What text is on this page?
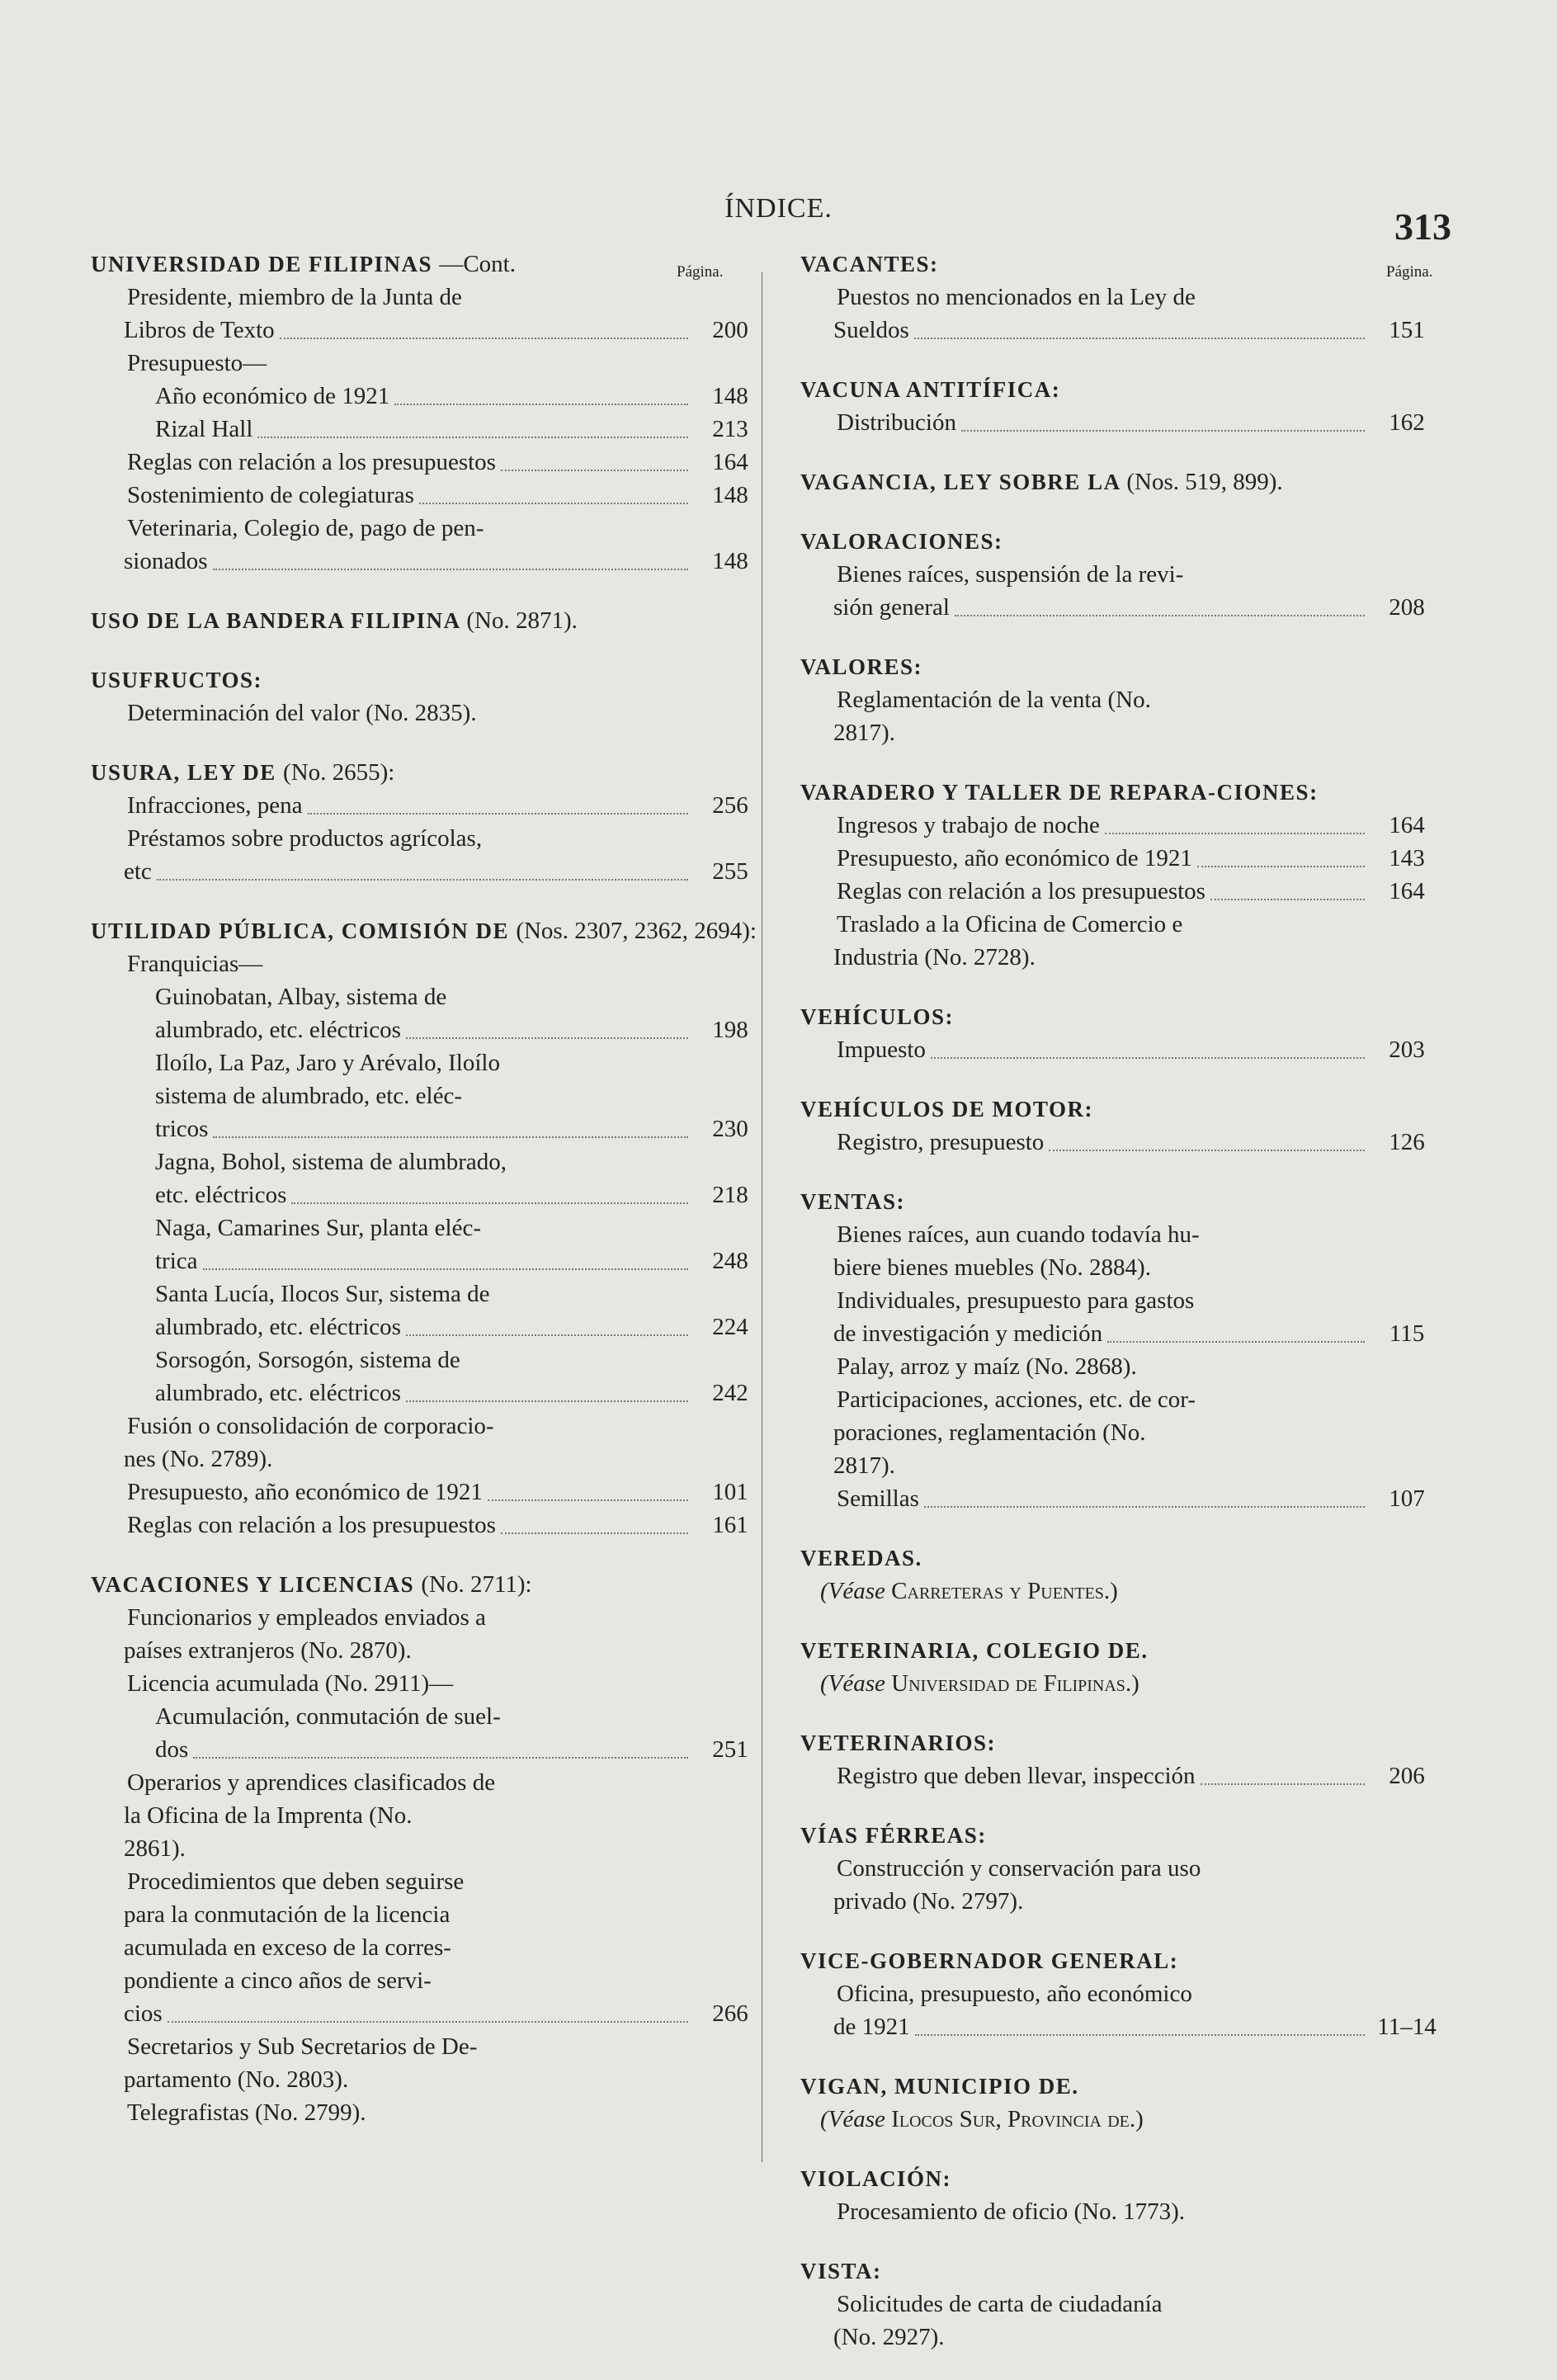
ÍNDICE.	313
Página.
UNIVERSIDAD DE FILIPINAS —Cont.
Presidente, miembro de la Junta de
Libros de Texto	200
Presupuesto—
Año económico de 1921	148
Rizal Hall	213
Reglas con relación a los presupuestos	164
Sostenimiento de colegiaturas	148
Veterinaria, Colegio de, pago de pen-
sionados	148
USO DE LA BANDERA FILIPINA (No. 2871).
USUFRUCTOS:
Determinación del valor (No. 2835).
USURA, LEY DE (No. 2655):
Infracciones, pena	256
Préstamos sobre productos agrícolas,
etc	255
UTILIDAD PÚBLICA, COMISIÓN DE (Nos. 2307, 2362, 2694):
Franquicias—
Guinobatan, Albay, sistema de
alumbrado, etc. eléctricos	198
Iloílo, La Paz, Jaro y Arévalo, Iloílo
sistema de alumbrado, etc. eléc-
tricos	230
Jagna, Bohol, sistema de alumbrado,
etc. eléctricos	218
Naga, Camarines Sur, planta eléc-
trica	248
Santa Lucía, Ilocos Sur, sistema de
alumbrado, etc. eléctricos	224
Sorsogón, Sorsogón, sistema de
alumbrado, etc. eléctricos	242
Fusión o consolidación de corporacio-
nes (No. 2789).
Presupuesto, año económico de 1921	101
Reglas con relación a los presupuestos	161
VACACIONES Y LICENCIAS (No. 2711):
Funcionarios y empleados enviados a
países extranjeros (No. 2870).
Licencia acumulada (No. 2911)—
Acumulación, conmutación de suel-
dos	251
Operarios y aprendices clasificados de
la Oficina de la Imprenta (No.
2861).
Procedimientos que deben seguirse
para la conmutación de la licencia
acumulada en exceso de la corres-
pondiente a cinco años de servi-
cios	266
Secretarios y Sub Secretarios de De-
partamento (No. 2803).
Telegrafistas (No. 2799).
Página.
VACANTES:
Puestos no mencionados en la Ley de
Sueldos	151
VACUNA ANTITÍFICA:
Distribución	162
VAGANCIA, LEY SOBRE LA (Nos. 519, 899).
VALORACIONES:
Bienes raíces, suspensión de la revi-
sión general	208
VALORES:
Reglamentación de la venta (No.
2817).
VARADERO Y TALLER DE REPARA-CIONES:
Ingresos y trabajo de noche	164
Presupuesto, año económico de 1921	143
Reglas con relación a los presupuestos	164
Traslado a la Oficina de Comercio e
Industria (No. 2728).
VEHÍCULOS:
Impuesto	203
VEHÍCULOS DE MOTOR:
Registro, presupuesto	126
VENTAS:
Bienes raíces, aun cuando todavía hu-
biere bienes muebles (No. 2884).
Individuales, presupuesto para gastos
de investigación y medición	115
Palay, arroz y maíz (No. 2868).
Participaciones, acciones, etc. de cor-
poraciones, reglamentación (No.
2817).
Semillas	107
VEREDAS.
(Véase Carreteras y Puentes.)
VETERINARIA, COLEGIO DE.
(Véase Universidad de Filipinas.)
VETERINARIOS:
Registro que deben llevar, inspección	206
VÍAS FÉRREAS:
Construcción y conservación para uso
privado (No. 2797).
VICE-GOBERNADOR GENERAL:
Oficina, presupuesto, año económico
de 1921	11–14
VIGAN, MUNICIPIO DE.
(Véase Ilocos Sur, Provincia de.)
VIOLACIÓN:
Procesamiento de oficio (No. 1773).
VISTA:
Solicitudes de carta de ciudadanía
(No. 2927).
